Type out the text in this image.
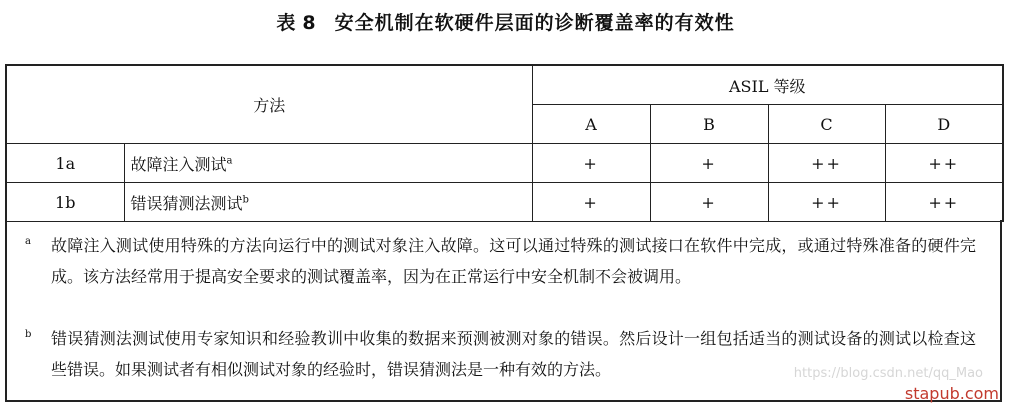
表 8 安全机制在软硬件层面的诊断覆盖率的有效性
方法		ASIL 等级			
		A	B	C	D
1a	故障注入测试$^a$	+	+	++	++
1b	错误猜测法测试$^b$	+	+	++	++
a 故障注入测试使用特殊的方法向运行中的测试对象注入故障。这可以通过特殊的测试接口在软件中完成，或通过特殊准备的硬件完成。该方法经常用于提高安全要求的测试覆盖率，因为在正常运行中安全机制不会被调用。
b 错误猜测法测试使用专家知识和经验教训中收集的数据来预测被测对象的错误。然后设计一组包括适当的测试设备的测试以检查这些错误。如果测试者有相似测试对象的经验时，错误猜测法是一种有效的方法。	https://blog.csdn.net/qq_Mao
stapub.com
